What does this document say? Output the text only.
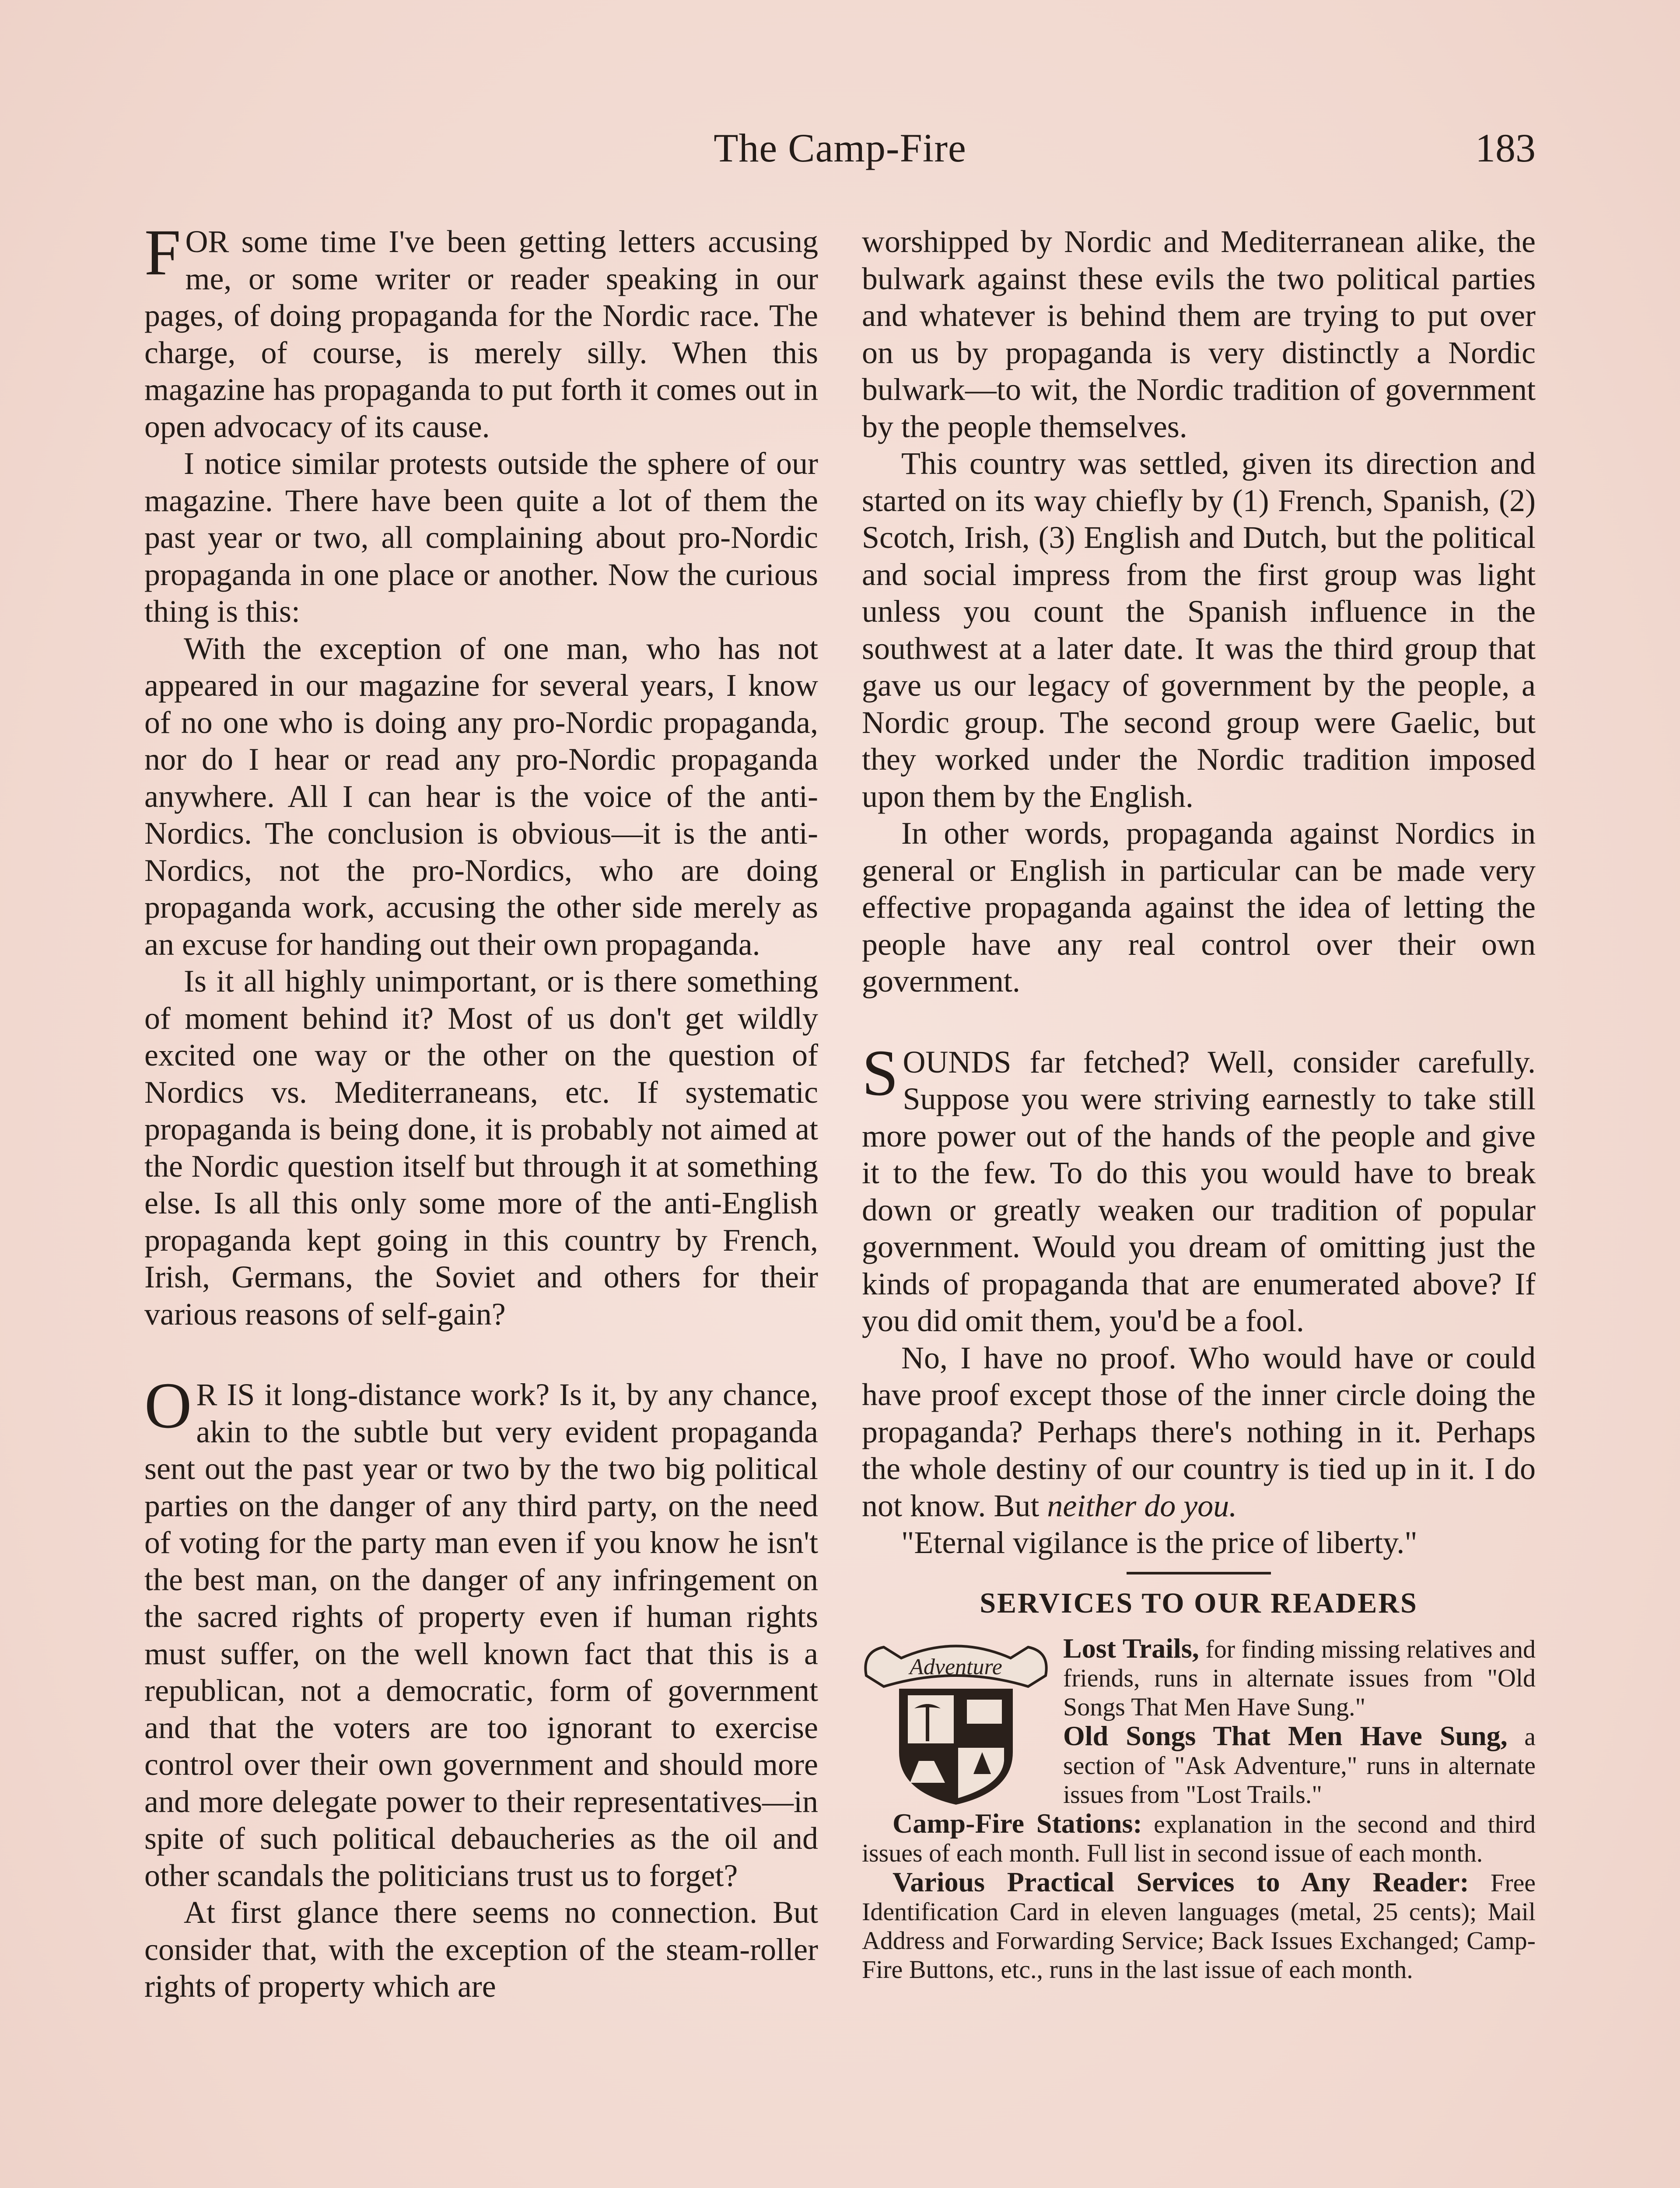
The Camp-Fire	183

FOR some time I've been getting letters accusing me, or some writer or reader speaking in our pages, of doing propaganda for the Nordic race. The charge, of course, is merely silly. When this magazine has propaganda to put forth it comes out in open advocacy of its cause.

I notice similar protests outside the sphere of our magazine. There have been quite a lot of them the past year or two, all complaining about pro-Nordic propaganda in one place or another. Now the curious thing is this:

With the exception of one man, who has not appeared in our magazine for several years, I know of no one who is doing any pro-Nordic propaganda, nor do I hear or read any pro-Nordic propaganda anywhere. All I can hear is the voice of the anti-Nordics. The conclusion is obvious—it is the anti-Nordics, not the pro-Nordics, who are doing propaganda work, accusing the other side merely as an excuse for handing out their own propaganda.

Is it all highly unimportant, or is there something of moment behind it? Most of us don't get wildly excited one way or the other on the question of Nordics vs. Mediterraneans, etc. If systematic propaganda is being done, it is probably not aimed at the Nordic question itself but through it at something else. Is all this only some more of the anti-English propaganda kept going in this country by French, Irish, Germans, the Soviet and others for their various reasons of self-gain?

O R IS it long-distance work? Is it, by any chance, akin to the subtle but very evident propaganda sent out the past year or two by the two big political parties on the danger of any third party, on the need of voting for the party man even if you know he isn't the best man, on the danger of any infringement on the sacred rights of property even if human rights must suffer, on the well known fact that this is a republican, not a democratic, form of government and that the voters are too ignorant to exercise control over their own government and should more and more delegate power to their representatives—in spite of such political debaucheries as the oil and other scandals the politicians trust us to forget?

At first glance there seems no connection. But consider that, with the exception of the steam-roller rights of property which are

worshipped by Nordic and Mediterranean alike, the bulwark against these evils the two political parties and whatever is behind them are trying to put over on us by propaganda is very distinctly a Nordic bulwark—to wit, the Nordic tradition of government by the people themselves.

This country was settled, given its direction and started on its way chiefly by (1) French, Spanish, (2) Scotch, Irish, (3) English and Dutch, but the political and social impress from the first group was light unless you count the Spanish influence in the southwest at a later date. It was the third group that gave us our legacy of government by the people, a Nordic group. The second group were Gaelic, but they worked under the Nordic tradition imposed upon them by the English.

In other words, propaganda against Nordics in general or English in particular can be made very effective propaganda against the idea of letting the people have any real control over their own government.

SOUNDS far fetched? Well, consider carefully. Suppose you were striving earnestly to take still more power out of the hands of the people and give it to the few. To do this you would have to break down or greatly weaken our tradition of popular government. Would you dream of omitting just the kinds of propaganda that are enumerated above? If you did omit them, you'd be a fool.

No, I have no proof. Who would have or could have proof except those of the inner circle doing the propaganda? Perhaps there's nothing in it. Perhaps the whole destiny of our country is tied up in it. I do not know. But neither do you.

"Eternal vigilance is the price of liberty."

SERVICES TO OUR READERS
Adventure

Lost Trails, for finding missing relatives and friends, runs in alternate issues from "Old Songs That Men Have Sung."

Old Songs That Men Have Sung, a section of "Ask Adventure," runs in alternate issues from "Lost Trails."

Camp-Fire Stations: explanation in the second and third issues of each month. Full list in second issue of each month.

Various Practical Services to Any Reader: Free Identification Card in eleven languages (metal, 25 cents); Mail Address and Forwarding Service; Back Issues Exchanged; Camp-Fire Buttons, etc., runs in the last issue of each month.
